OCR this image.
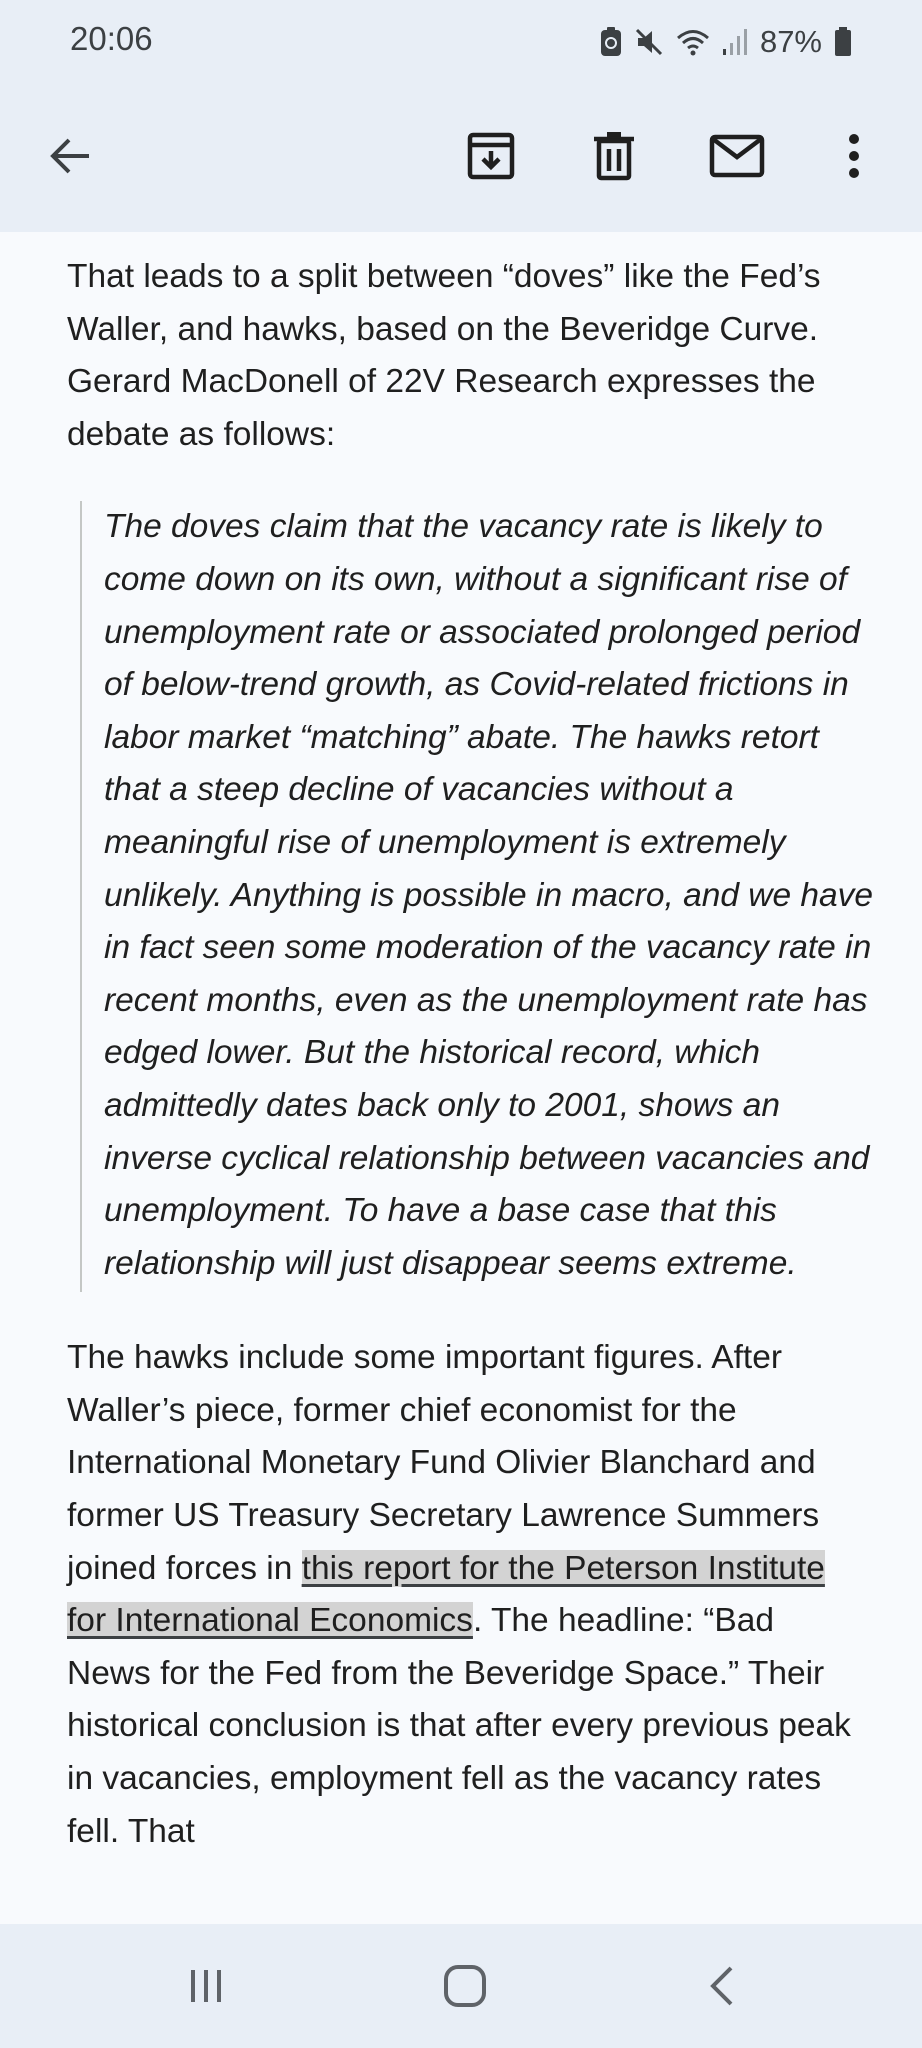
20:06	87%

That leads to a split between “doves” like the Fed’s Waller, and hawks, based on the Beveridge Curve. Gerard MacDonell of 22V Research expresses the debate as follows:

The doves claim that the vacancy rate is likely to come down on its own, without a significant rise of unemployment rate or associated prolonged period of below-trend growth, as Covid-related frictions in labor market “matching” abate. The hawks retort that a steep decline of vacancies without a meaningful rise of unemployment is extremely unlikely. Anything is possible in macro, and we have in fact seen some moderation of the vacancy rate in recent months, even as the unemployment rate has edged lower. But the historical record, which admittedly dates back only to 2001, shows an inverse cyclical relationship between vacancies and unemployment. To have a base case that this relationship will just disappear seems extreme.

The hawks include some important figures. After Waller’s piece, former chief economist for the International Monetary Fund Olivier Blanchard and former US Treasury Secretary Lawrence Summers joined forces in this report for the Peterson Institute for International Economics. The headline: “Bad News for the Fed from the Beveridge Space.” Their historical conclusion is that after every previous peak in vacancies, employment fell as the vacancy rates fell. That
